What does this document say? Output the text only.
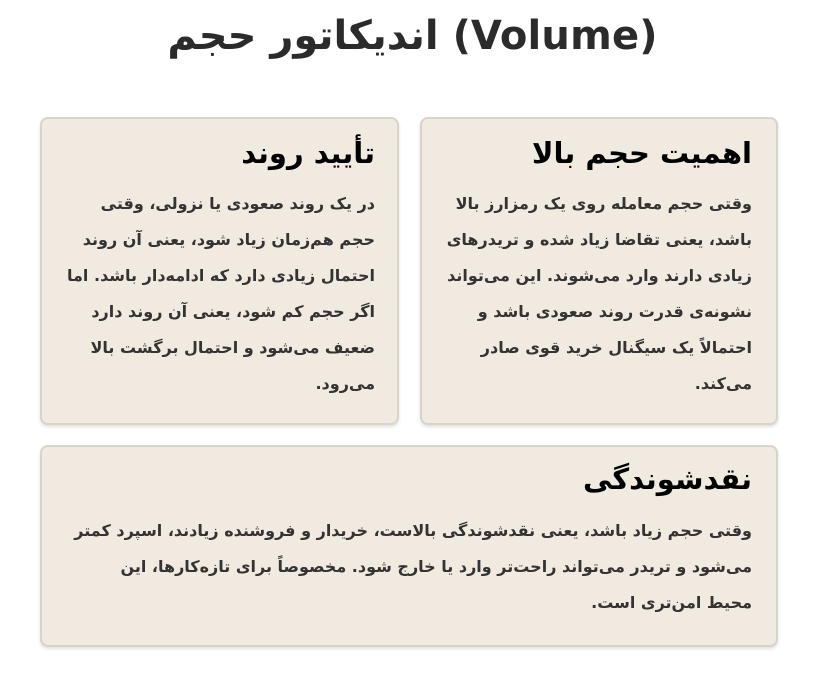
اندیکاتور حجم (Volume)
اهمیت حجم بالا

وقتی حجم معامله روی یک رمزارز بالا باشد، یعنی تقاضا زیاد شده و تریدرهای زیادی دارند وارد می‌شوند. این می‌تواند نشونه‌ی قدرت روند صعودی باشد و احتمالاً یک سیگنال خرید قوی صادر می‌کند.

تأیید روند

در یک روند صعودی یا نزولی، وقتی حجم هم‌زمان زیاد شود، یعنی آن روند احتمال زیادی دارد که ادامه‌دار باشد. اما اگر حجم کم شود، یعنی آن روند دارد ضعیف می‌شود و احتمال برگشت بالا می‌رود.

نقدشوندگی

وقتی حجم زیاد باشد، یعنی نقدشوندگی بالاست، خریدار و فروشنده زیادند، اسپرد کمتر می‌شود و تریدر می‌تواند راحت‌تر وارد یا خارج شود. مخصوصاً برای تازه‌کارها، این محیط امن‌تری است.
